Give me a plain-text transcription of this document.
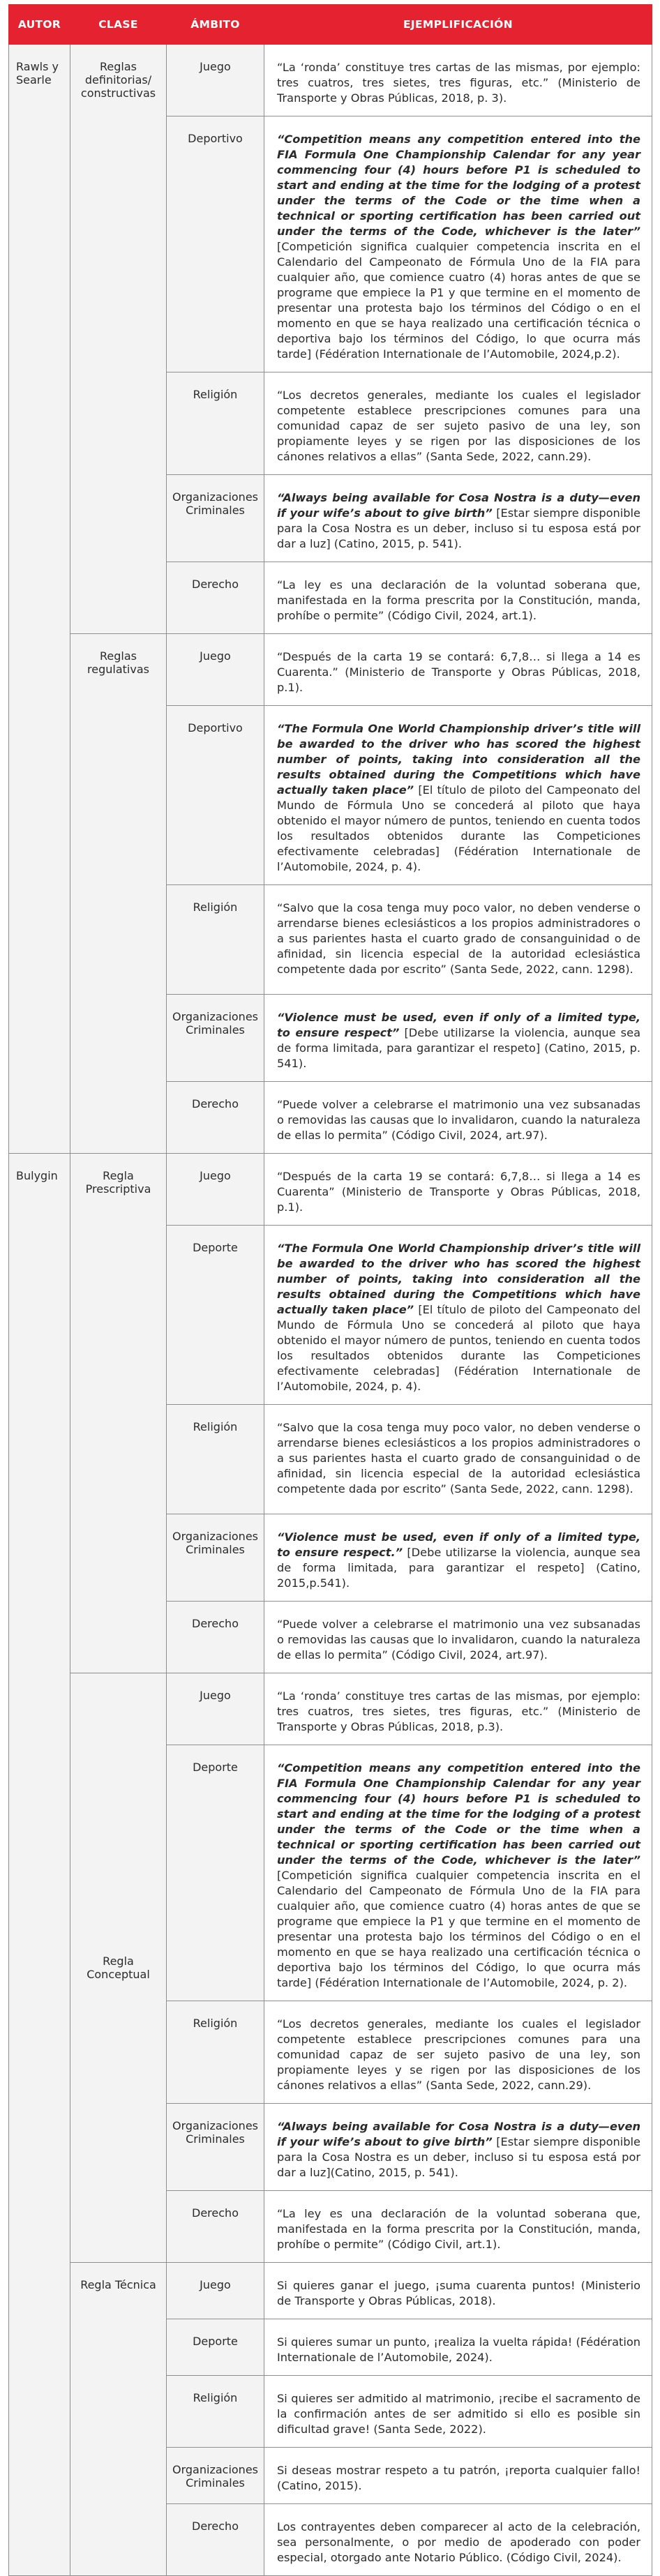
AUTOR	CLASE	ÁMBITO	EJEMPLIFICACIÓN
Rawls y Searle	Reglas definitorias/ constructivas	Juego	“La ‘ronda’ constituye tres cartas de las mismas, por ejemplo: tres cuatros, tres sietes, tres figuras, etc.” (Ministerio de Transporte y Obras Públicas, 2018, p. 3).
		Deportivo	“Competition means any competition entered into the FIA Formula One Championship Calendar for any year commencing four (4) hours before P1 is scheduled to start and ending at the time for the lodging of a protest under the terms of the Code or the time when a technical or sporting certification has been carried out under the terms of the Code, whichever is the later” [Competición significa cualquier competencia inscrita en el Calendario del Campeonato de Fórmula Uno de la FIA para cualquier año, que comience cuatro (4) horas antes de que se programe que empiece la P1 y que termine en el momento de presentar una protesta bajo los términos del Código o en el momento en que se haya realizado una certificación técnica o deportiva bajo los términos del Código, lo que ocurra más tarde] (Fédération Internationale de l’Automobile, 2024,p.2).
		Religión	“Los decretos generales, mediante los cuales el legislador competente establece prescripciones comunes para una comunidad capaz de ser sujeto pasivo de una ley, son propiamente leyes y se rigen por las disposiciones de los cánones relativos a ellas” (Santa Sede, 2022, cann.29).
		Organizaciones Criminales	“Always being available for Cosa Nostra is a duty—even if your wife’s about to give birth” [Estar siempre disponible para la Cosa Nostra es un deber, incluso si tu esposa está por dar a luz] (Catino, 2015, p. 541).
		Derecho	“La ley es una declaración de la voluntad soberana que, manifestada en la forma prescrita por la Constitución, manda, prohíbe o permite” (Código Civil, 2024, art.1).
	Reglas regulativas	Juego	“Después de la carta 19 se contará: 6,7,8… si llega a 14 es Cuarenta.” (Ministerio de Transporte y Obras Públicas, 2018, p.1).
		Deportivo	“The Formula One World Championship driver’s title will be awarded to the driver who has scored the highest number of points, taking into consideration all the results obtained during the Competitions which have actually taken place” [El título de piloto del Campeonato del Mundo de Fórmula Uno se concederá al piloto que haya obtenido el mayor número de puntos, teniendo en cuenta todos los resultados obtenidos durante las Competiciones efectivamente celebradas] (Fédération Internationale de l’Automobile, 2024, p. 4).
		Religión	“Salvo que la cosa tenga muy poco valor, no deben venderse o arrendarse bienes eclesiásticos a los propios administradores o a sus parientes hasta el cuarto grado de consanguinidad o de afinidad, sin licencia especial de la autoridad eclesiástica competente dada por escrito” (Santa Sede, 2022, cann. 1298).
		Organizaciones Criminales	“Violence must be used, even if only of a limited type, to ensure respect” [Debe utilizarse la violencia, aunque sea de forma limitada, para garantizar el respeto] (Catino, 2015, p. 541).
		Derecho	“Puede volver a celebrarse el matrimonio una vez subsanadas o removidas las causas que lo invalidaron, cuando la naturaleza de ellas lo permita” (Código Civil, 2024, art.97).
Bulygin	Regla Prescriptiva	Juego	“Después de la carta 19 se contará: 6,7,8… si llega a 14 es Cuarenta” (Ministerio de Transporte y Obras Públicas, 2018, p.1).
		Deporte	“The Formula One World Championship driver’s title will be awarded to the driver who has scored the highest number of points, taking into consideration all the results obtained during the Competitions which have actually taken place” [El título de piloto del Campeonato del Mundo de Fórmula Uno se concederá al piloto que haya obtenido el mayor número de puntos, teniendo en cuenta todos los resultados obtenidos durante las Competiciones efectivamente celebradas] (Fédération Internationale de l’Automobile, 2024, p. 4).
		Religión	“Salvo que la cosa tenga muy poco valor, no deben venderse o arrendarse bienes eclesiásticos a los propios administradores o a sus parientes hasta el cuarto grado de consanguinidad o de afinidad, sin licencia especial de la autoridad eclesiástica competente dada por escrito” (Santa Sede, 2022, cann. 1298).
		Organizaciones Criminales	“Violence must be used, even if only of a limited type, to ensure respect.” [Debe utilizarse la violencia, aunque sea de forma limitada, para garantizar el respeto] (Catino, 2015,p.541).
		Derecho	“Puede volver a celebrarse el matrimonio una vez subsanadas o removidas las causas que lo invalidaron, cuando la naturaleza de ellas lo permita” (Código Civil, 2024, art.97).
	Regla Conceptual	Juego	“La ‘ronda’ constituye tres cartas de las mismas, por ejemplo: tres cuatros, tres sietes, tres figuras, etc.” (Ministerio de Transporte y Obras Públicas, 2018, p.3).
		Deporte	“Competition means any competition entered into the FIA Formula One Championship Calendar for any year commencing four (4) hours before P1 is scheduled to start and ending at the time for the lodging of a protest under the terms of the Code or the time when a technical or sporting certification has been carried out under the terms of the Code, whichever is the later” [Competición significa cualquier competencia inscrita en el Calendario del Campeonato de Fórmula Uno de la FIA para cualquier año, que comience cuatro (4) horas antes de que se programe que empiece la P1 y que termine en el momento de presentar una protesta bajo los términos del Código o en el momento en que se haya realizado una certificación técnica o deportiva bajo los términos del Código, lo que ocurra más tarde] (Fédération Internationale de l’Automobile, 2024, p. 2).
		Religión	“Los decretos generales, mediante los cuales el legislador competente establece prescripciones comunes para una comunidad capaz de ser sujeto pasivo de una ley, son propiamente leyes y se rigen por las disposiciones de los cánones relativos a ellas” (Santa Sede, 2022, cann.29).
		Organizaciones Criminales	“Always being available for Cosa Nostra is a duty—even if your wife’s about to give birth” [Estar siempre disponible para la Cosa Nostra es un deber, incluso si tu esposa está por dar a luz](Catino, 2015, p. 541).
		Derecho	“La ley es una declaración de la voluntad soberana que, manifestada en la forma prescrita por la Constitución, manda, prohíbe o permite” (Código Civil, art.1).
	Regla Técnica	Juego	Si quieres ganar el juego, ¡suma cuarenta puntos! (Ministerio de Transporte y Obras Públicas, 2018).
		Deporte	Si quieres sumar un punto, ¡realiza la vuelta rápida! (Fédération Internationale de l’Automobile, 2024).
		Religión	Si quieres ser admitido al matrimonio, ¡recibe el sacramento de la confirmación antes de ser admitido si ello es posible sin dificultad grave! (Santa Sede, 2022).
		Organizaciones Criminales	Si deseas mostrar respeto a tu patrón, ¡reporta cualquier fallo! (Catino, 2015).
		Derecho	Los contrayentes deben comparecer al acto de la celebración, sea personalmente, o por medio de apoderado con poder especial, otorgado ante Notario Público. (Código Civil, 2024).
